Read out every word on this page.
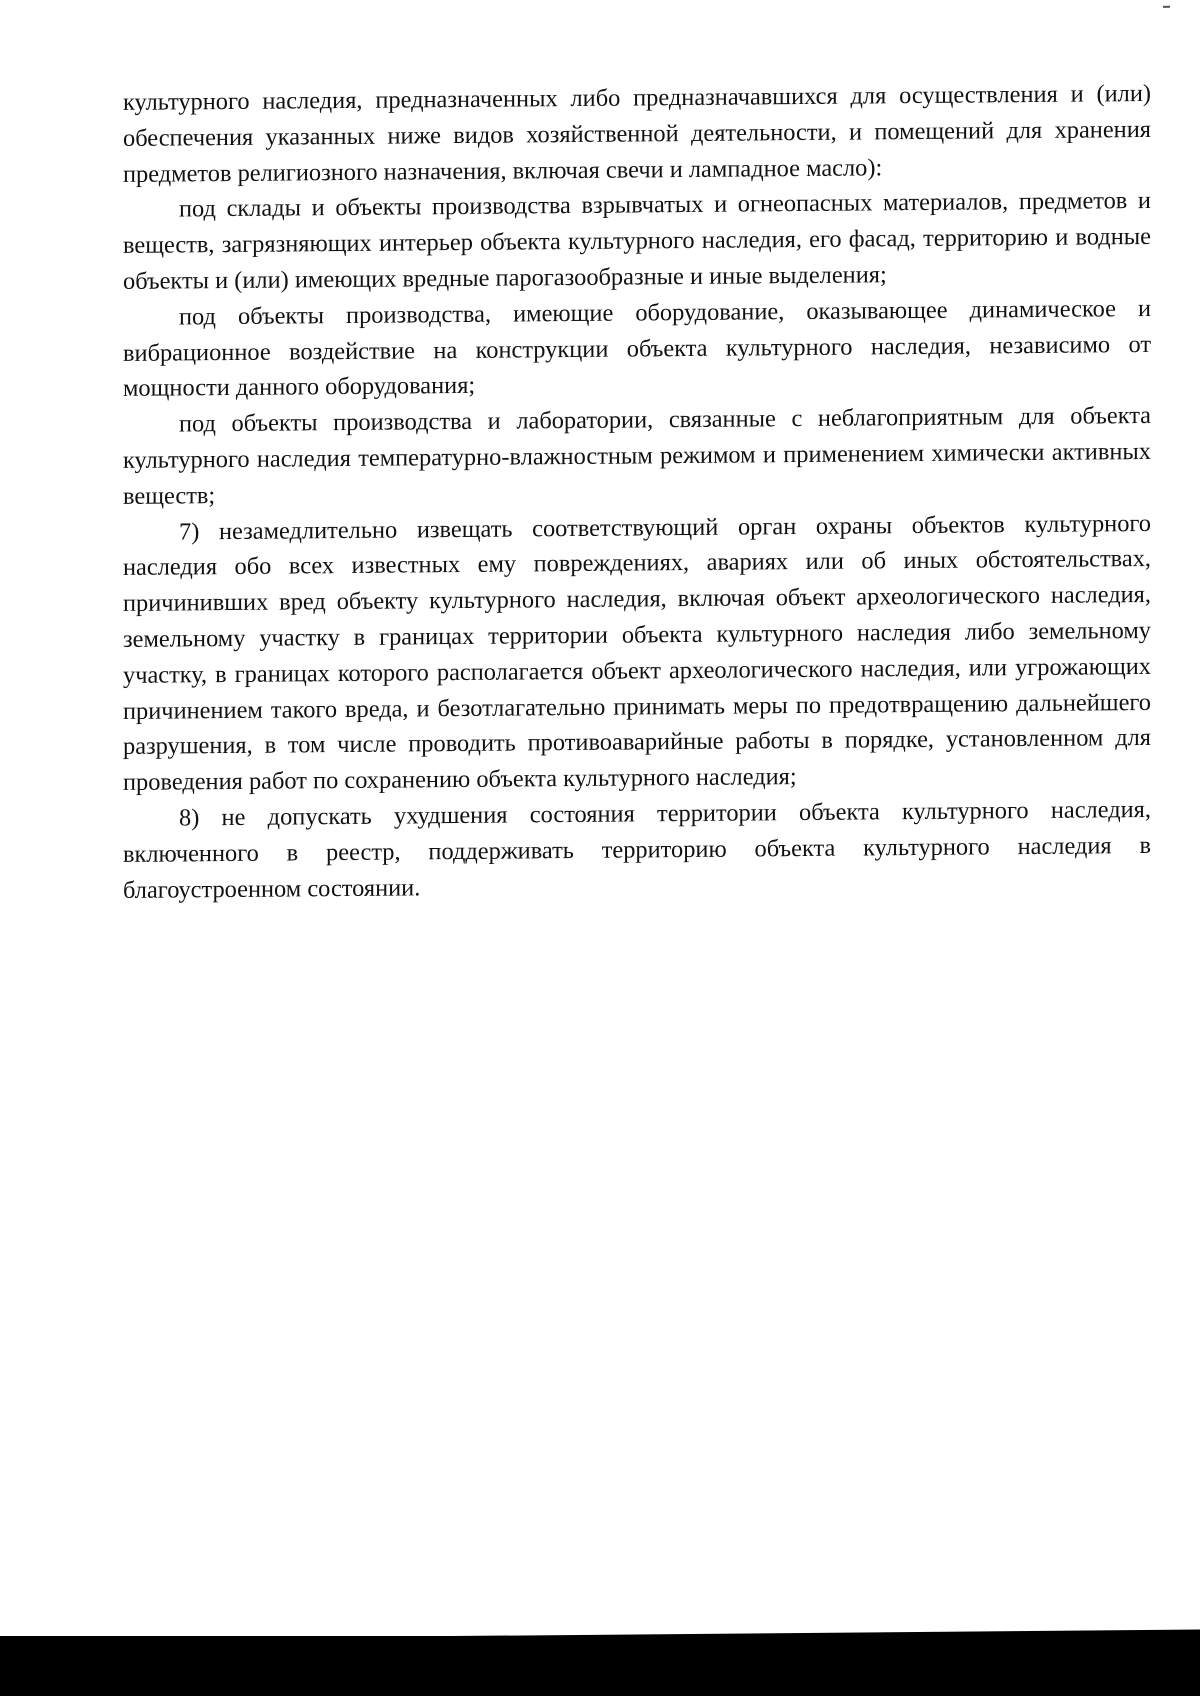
культурного наследия, предназначенных либо предназначавшихся для осуществления и (или) обеспечения указанных ниже видов хозяйственной деятельности, и помещений для хранения предметов религиозного назначения, включая свечи и лампадное масло):

под склады и объекты производства взрывчатых и огнеопасных материалов, предметов и веществ, загрязняющих интерьер объекта культурного наследия, его фасад, территорию и водные объекты и (или) имеющих вредные парогазообразные и иные выделения;

под объекты производства, имеющие оборудование, оказывающее динамическое и вибрационное воздействие на конструкции объекта культурного наследия, независимо от мощности данного оборудования;

под объекты производства и лаборатории, связанные с неблагоприятным для объекта культурного наследия температурно-влажностным режимом и применением химически активных веществ;

7) незамедлительно извещать соответствующий орган охраны объектов культурного наследия обо всех известных ему повреждениях, авариях или об иных обстоятельствах, причинивших вред объекту культурного наследия, включая объект археологического наследия, земельному участку в границах территории объекта культурного наследия либо земельному участку, в границах которого располагается объект археологического наследия, или угрожающих причинением такого вреда, и безотлагательно принимать меры по предотвращению дальнейшего разрушения, в том числе проводить противоаварийные работы в порядке, установленном для проведения работ по сохранению объекта культурного наследия;

8) не допускать ухудшения состояния территории объекта культурного наследия, включенного в реестр, поддерживать территорию объекта культурного наследия в благоустроенном состоянии.
